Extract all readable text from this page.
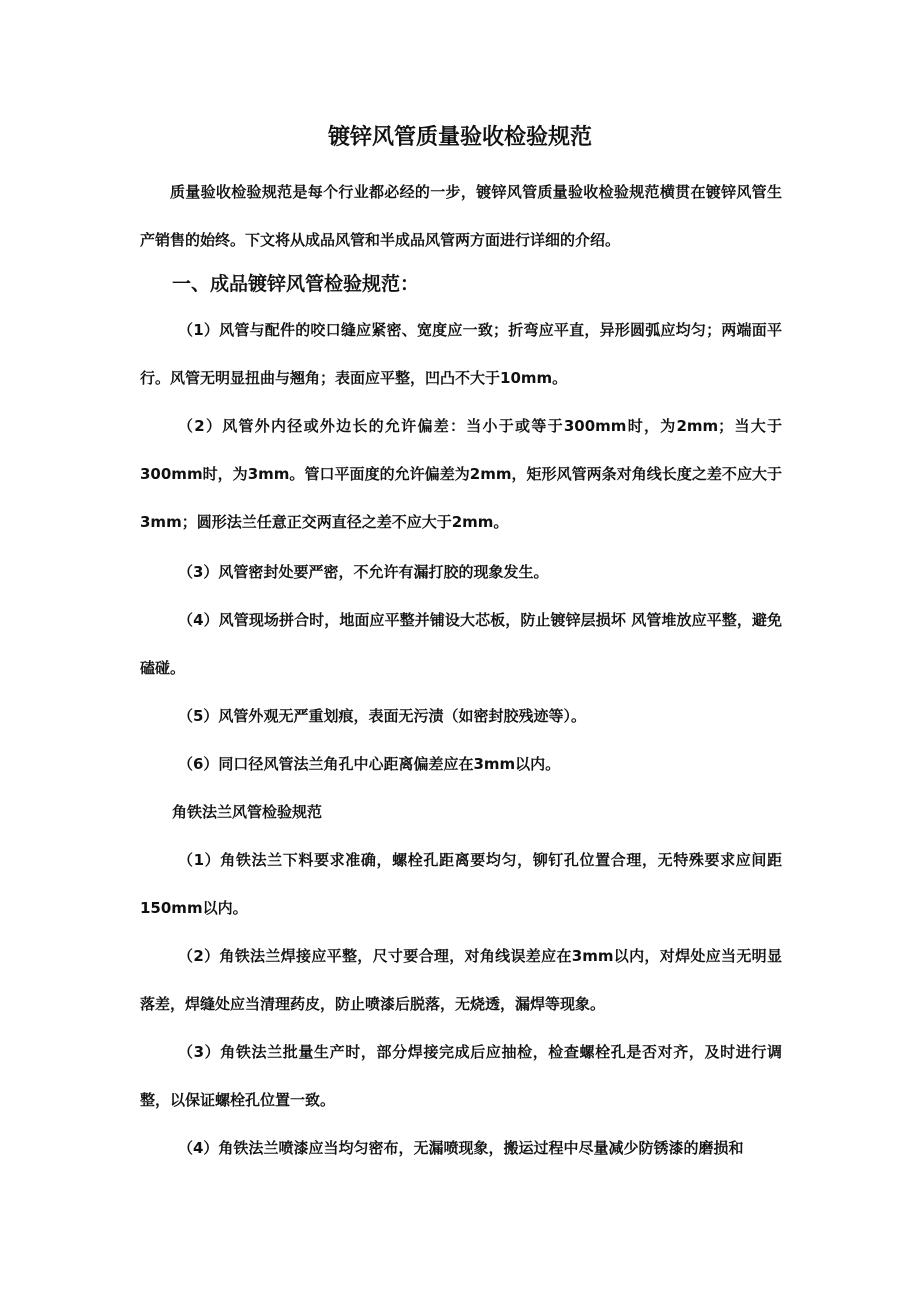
镀锌风管质量验收检验规范

质量验收检验规范是每个行业都必经的一步，镀锌风管质量验收检验规范横贯在镀锌风管生产销售的始终。下文将从成品风管和半成品风管两方面进行详细的介绍。

一、成品镀锌风管检验规范：

（1）风管与配件的咬口缝应紧密、宽度应一致；折弯应平直，异形圆弧应均匀；两端面平行。风管无明显扭曲与翘角；表面应平整，凹凸不大于10mm。

（2）风管外内径或外边长的允许偏差：当小于或等于300mm时，为2mm；当大于300mm时，为3mm。管口平面度的允许偏差为2mm，矩形风管两条对角线长度之差不应大于3mm；圆形法兰任意正交两直径之差不应大于2mm。

（3）风管密封处要严密，不允许有漏打胶的现象发生。

（4）风管现场拼合时，地面应平整并铺设大芯板，防止镀锌层损坏 风管堆放应平整，避免磕碰。

（5）风管外观无严重划痕，表面无污渍（如密封胶残迹等）。

（6）同口径风管法兰角孔中心距离偏差应在3mm以内。

角铁法兰风管检验规范

（1）角铁法兰下料要求准确，螺栓孔距离要均匀，铆钉孔位置合理，无特殊要求应间距150mm以内。

（2）角铁法兰焊接应平整，尺寸要合理，对角线误差应在3mm以内，对焊处应当无明显落差，焊缝处应当清理药皮，防止喷漆后脱落，无烧透，漏焊等现象。

（3）角铁法兰批量生产时，部分焊接完成后应抽检，检查螺栓孔是否对齐，及时进行调整，以保证螺栓孔位置一致。

（4）角铁法兰喷漆应当均匀密布，无漏喷现象，搬运过程中尽量减少防锈漆的磨损和
